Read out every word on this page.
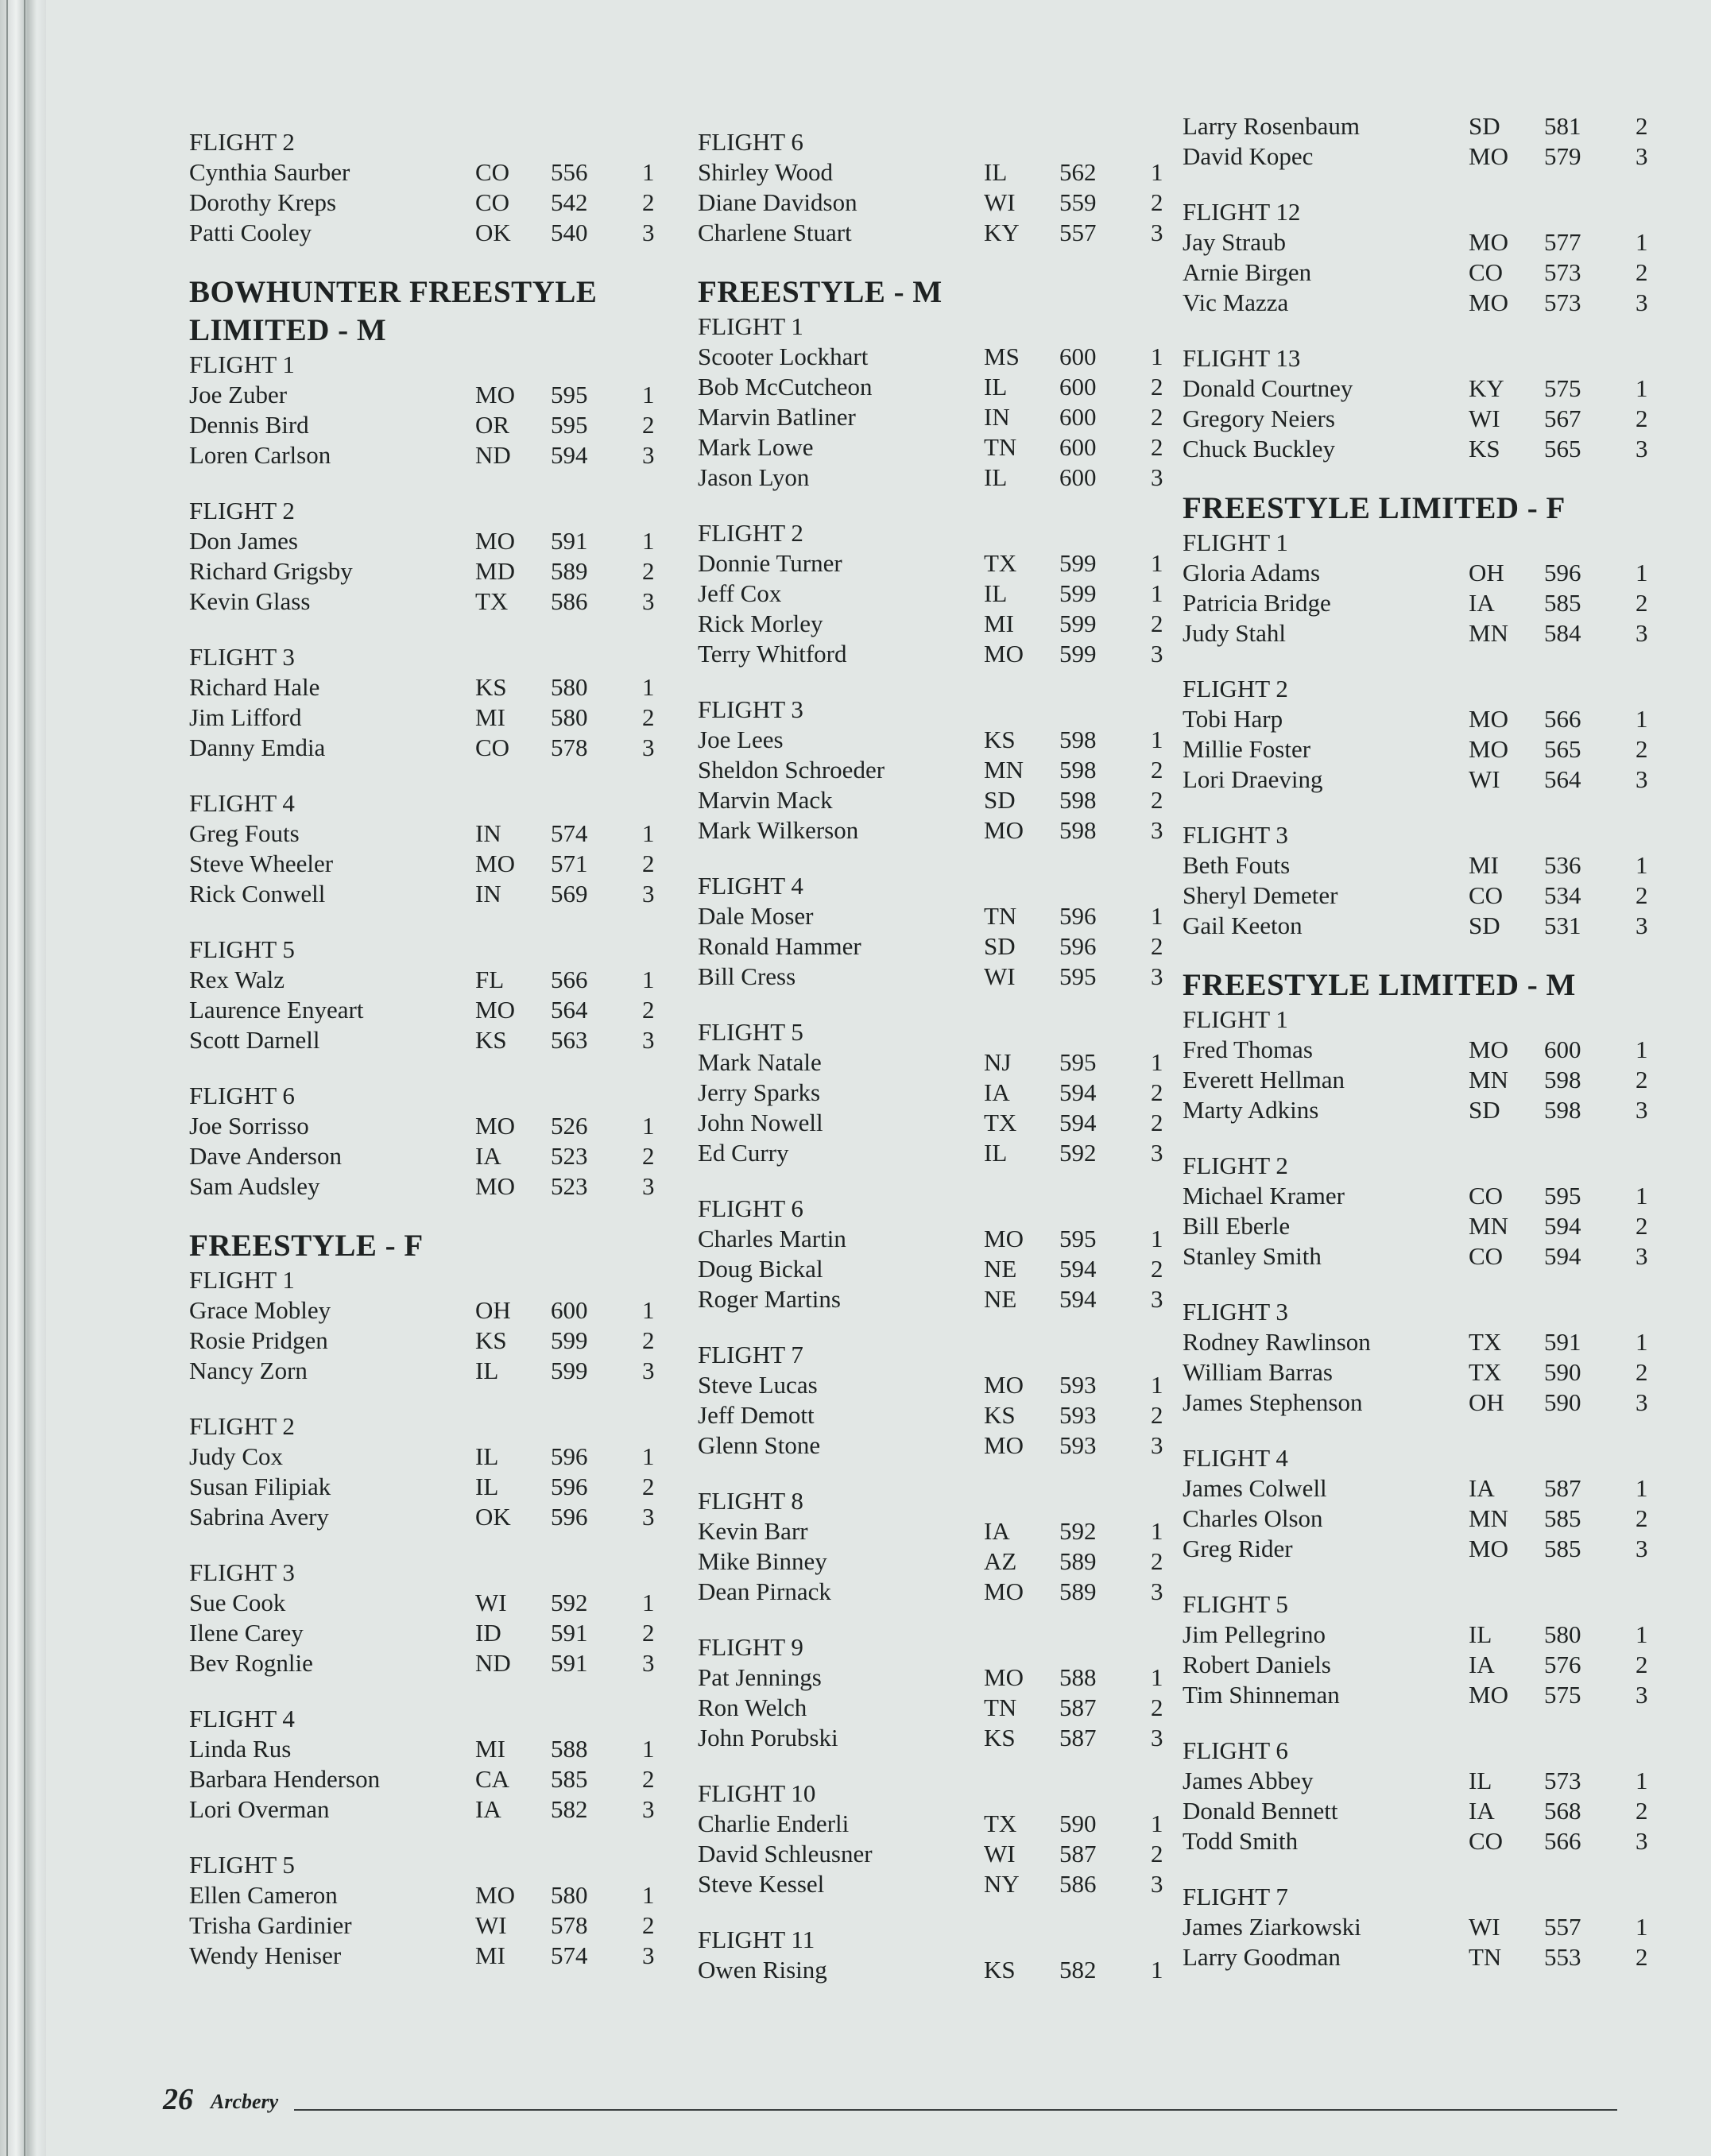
FLIGHT 2
Cynthia Saurber	CO 556 1
Dorothy Kreps	CO 542 2
Patti Cooley	OK 540 3
BOWHUNTER FREESTYLE LIMITED - M
FLIGHT 1
Joe Zuber	MO 595 1
Dennis Bird	OR 595 2
Loren Carlson	ND 594 3
FLIGHT 2
Don James	MO 591 1
Richard Grigsby	MD 589 2
Kevin Glass	TX 586 3
FLIGHT 3
Richard Hale	KS 580 1
Jim Lifford	MI 580 2
Danny Emdia	CO 578 3
FLIGHT 4
Greg Fouts	IN 574 1
Steve Wheeler	MO 571 2
Rick Conwell	IN 569 3
FLIGHT 5
Rex Walz	FL 566 1
Laurence Enyeart	MO 564 2
Scott Darnell	KS 563 3
FLIGHT 6
Joe Sorrisso	MO 526 1
Dave Anderson	IA 523 2
Sam Audsley	MO 523 3
FREESTYLE - F
FLIGHT 1
Grace Mobley	OH 600 1
Rosie Pridgen	KS 599 2
Nancy Zorn	IL 599 3
FLIGHT 2
Judy Cox	IL 596 1
Susan Filipiak	IL 596 2
Sabrina Avery	OK 596 3
FLIGHT 3
Sue Cook	WI 592 1
Ilene Carey	ID 591 2
Bev Rognlie	ND 591 3
FLIGHT 4
Linda Rus	MI 588 1
Barbara Henderson	CA 585 2
Lori Overman	IA 582 3
FLIGHT 5
Ellen Cameron	MO 580 1
Trisha Gardinier	WI 578 2
Wendy Heniser	MI 574 3
FLIGHT 6
Shirley Wood	IL 562 1
Diane Davidson	WI 559 2
Charlene Stuart	KY 557 3
FREESTYLE - M
FLIGHT 1
Scooter Lockhart	MS 600 1
Bob McCutcheon	IL 600 2
Marvin Batliner	IN 600 2
Mark Lowe	TN 600 2
Jason Lyon	IL 600 3
FLIGHT 2
Donnie Turner	TX 599 1
Jeff Cox	IL 599 1
Rick Morley	MI 599 2
Terry Whitford	MO 599 3
FLIGHT 3
Joe Lees	KS 598 1
Sheldon Schroeder	MN 598 2
Marvin Mack	SD 598 2
Mark Wilkerson	MO 598 3
FLIGHT 4
Dale Moser	TN 596 1
Ronald Hammer	SD 596 2
Bill Cress	WI 595 3
FLIGHT 5
Mark Natale	NJ 595 1
Jerry Sparks	IA 594 2
John Nowell	TX 594 2
Ed Curry	IL 592 3
FLIGHT 6
Charles Martin	MO 595 1
Doug Bickal	NE 594 2
Roger Martins	NE 594 3
FLIGHT 7
Steve Lucas	MO 593 1
Jeff Demott	KS 593 2
Glenn Stone	MO 593 3
FLIGHT 8
Kevin Barr	IA 592 1
Mike Binney	AZ 589 2
Dean Pirnack	MO 589 3
FLIGHT 9
Pat Jennings	MO 588 1
Ron Welch	TN 587 2
John Porubski	KS 587 3
FLIGHT 10
Charlie Enderli	TX 590 1
David Schleusner	WI 587 2
Steve Kessel	NY 586 3
FLIGHT 11
Owen Rising	KS 582 1
Larry Rosenbaum	SD 581 2
David Kopec	MO 579 3
FLIGHT 12
Jay Straub	MO 577 1
Arnie Birgen	CO 573 2
Vic Mazza	MO 573 3
FLIGHT 13
Donald Courtney	KY 575 1
Gregory Neiers	WI 567 2
Chuck Buckley	KS 565 3
FREESTYLE LIMITED - F
FLIGHT 1
Gloria Adams	OH 596 1
Patricia Bridge	IA 585 2
Judy Stahl	MN 584 3
FLIGHT 2
Tobi Harp	MO 566 1
Millie Foster	MO 565 2
Lori Draeving	WI 564 3
FLIGHT 3
Beth Fouts	MI 536 1
Sheryl Demeter	CO 534 2
Gail Keeton	SD 531 3
FREESTYLE LIMITED - M
FLIGHT 1
Fred Thomas	MO 600 1
Everett Hellman	MN 598 2
Marty Adkins	SD 598 3
FLIGHT 2
Michael Kramer	CO 595 1
Bill Eberle	MN 594 2
Stanley Smith	CO 594 3
FLIGHT 3
Rodney Rawlinson	TX 591 1
William Barras	TX 590 2
James Stephenson	OH 590 3
FLIGHT 4
James Colwell	IA 587 1
Charles Olson	MN 585 2
Greg Rider	MO 585 3
FLIGHT 5
Jim Pellegrino	IL 580 1
Robert Daniels	IA 576 2
Tim Shinneman	MO 575 3
FLIGHT 6
James Abbey	IL 573 1
Donald Bennett	IA 568 2
Todd Smith	CO 566 3
FLIGHT 7
James Ziarkowski	WI 557 1
Larry Goodman	TN 553 2
26 Arcbery
